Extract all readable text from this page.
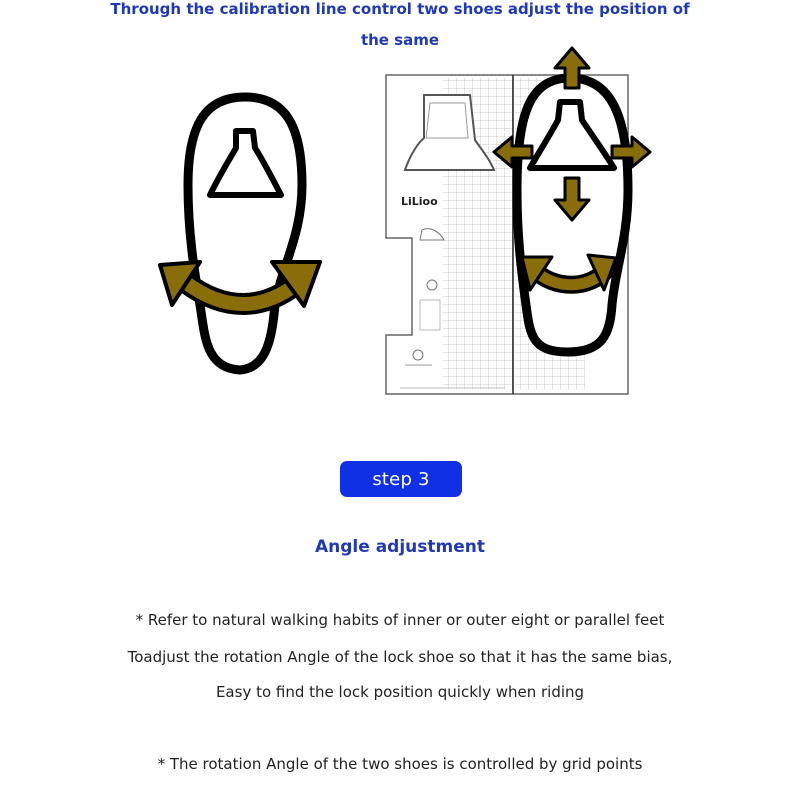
Through the calibration line control two shoes adjust the position of
the same
LiLioo
step 3
Angle adjustment
* Refer to natural walking habits of inner or outer eight or parallel feet
Toadjust the rotation Angle of the lock shoe so that it has the same bias,
Easy to find the lock position quickly when riding
* The rotation Angle of the two shoes is controlled by grid points
